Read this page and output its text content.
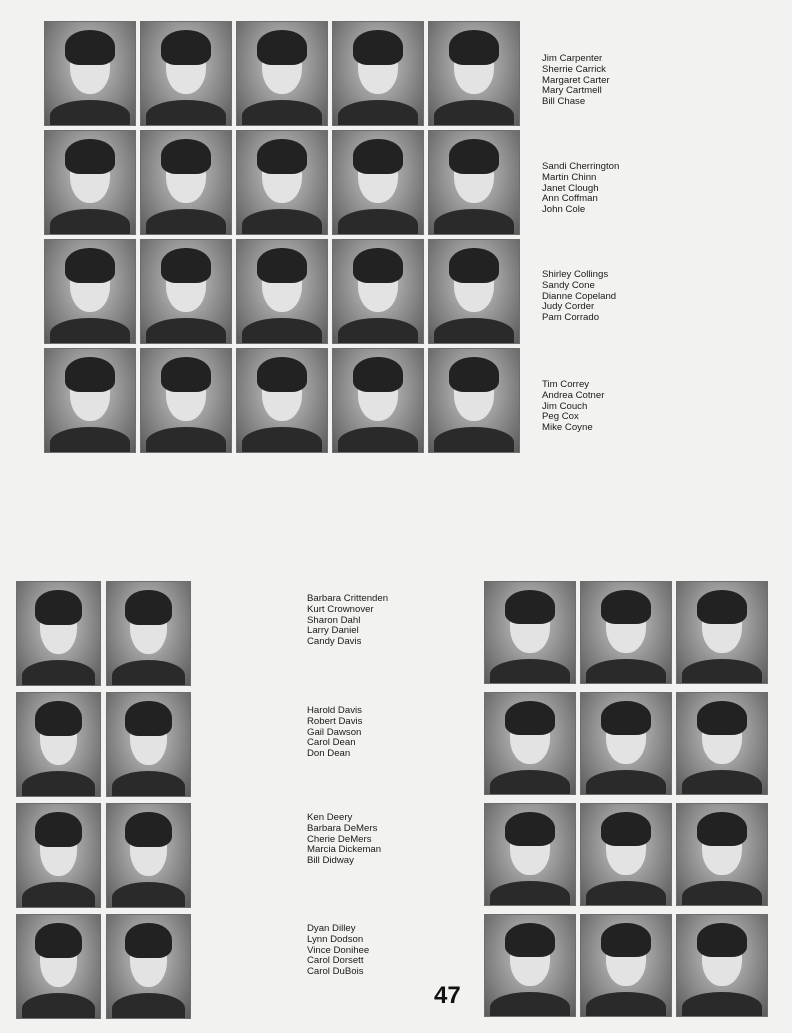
Jim Carpenter
Sherrie Carrick
Margaret Carter
Mary Cartmell
Bill Chase
Sandi Cherrington
Martin Chinn
Janet Clough
Ann Coffman
John Cole
Shirley Collings
Sandy Cone
Dianne Copeland
Judy Corder
Pam Corrado
Tim Correy
Andrea Cotner
Jim Couch
Peg Cox
Mike Coyne
Barbara Crittenden
Kurt Crownover
Sharon Dahl
Larry Daniel
Candy Davis
Harold Davis
Robert Davis
Gail Dawson
Carol Dean
Don Dean
Ken Deery
Barbara DeMers
Cherie DeMers
Marcia Dickeman
Bill Didway
Dyan Dilley
Lynn Dodson
Vince Donihee
Carol Dorsett
Carol DuBois
47
